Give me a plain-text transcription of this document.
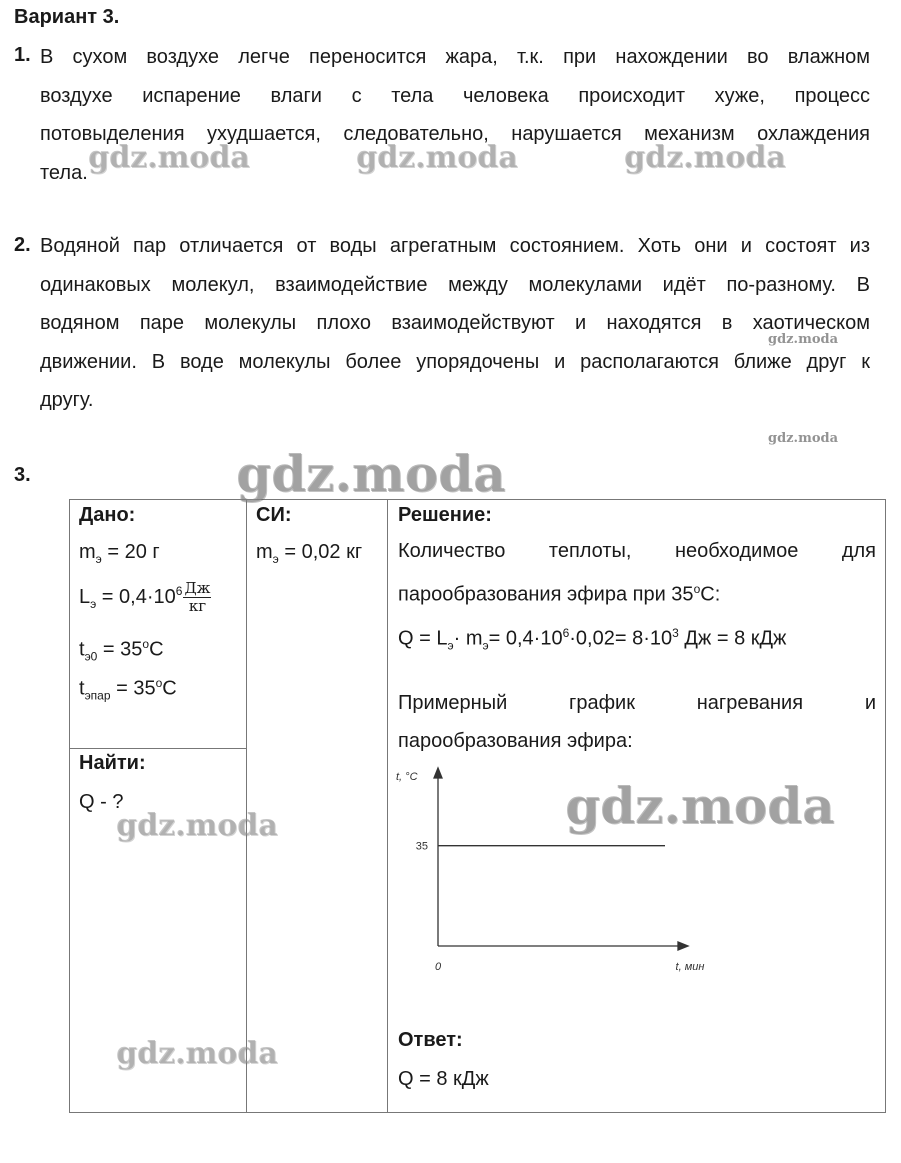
Вариант 3.
1. В сухом воздухе легче переносится жара, т.к. при нахождении во влажном
воздухе испарение влаги с тела человека происходит хуже, процесс
потовыделения ухудшается, следовательно, нарушается механизм охлаждения
тела.
2. Водяной пар отличается от воды агрегатным состоянием. Хоть они и состоят из
одинаковых молекул, взаимодействие между молекулами идёт по-разному. В
водяном паре молекулы плохо взаимодействуют и находятся в хаотическом
движении. В воде молекулы более упорядочены и располагаются ближе друг к
другу.
3.
Дано:
$m_э = 20$ г
$L_э = 0,4\cdot 10^6 \frac{Дж}{кг}$
$t_{э0} = 35^oC$
$t_{эпар} = 35^oC$
Найти:
Q - ?
СИ:
$m_э = 0,02$ кг
Решение:
Количество теплоты, необходимое для
парообразования эфира при 35$^o$C:
$Q = L_э\cdot m_э= 0,4\cdot 10^6\cdot 0,02= 8\cdot 10^3$ Дж = 8 кДж
Примерный график нагревания и
парообразования эфира:
t, °C
35
0	t, мин
Ответ:
Q = 8 кДж
gdz.moda	gdz.moda	gdz.moda
gdz.moda
gdz.moda
gdz.moda
gdz.moda
gdz.moda
gdz.moda
